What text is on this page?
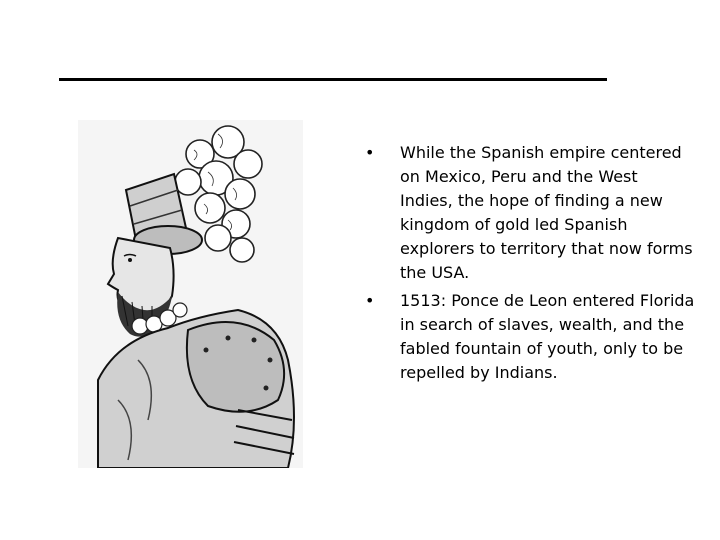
•	While the Spanish empire centered on Mexico, Peru and the West Indies, the hope of finding a new kingdom of gold led Spanish explorers to territory that now forms the USA.
•	1513: Ponce de Leon entered Florida in search of slaves, wealth, and the fabled fountain of youth, only to be repelled by Indians.
